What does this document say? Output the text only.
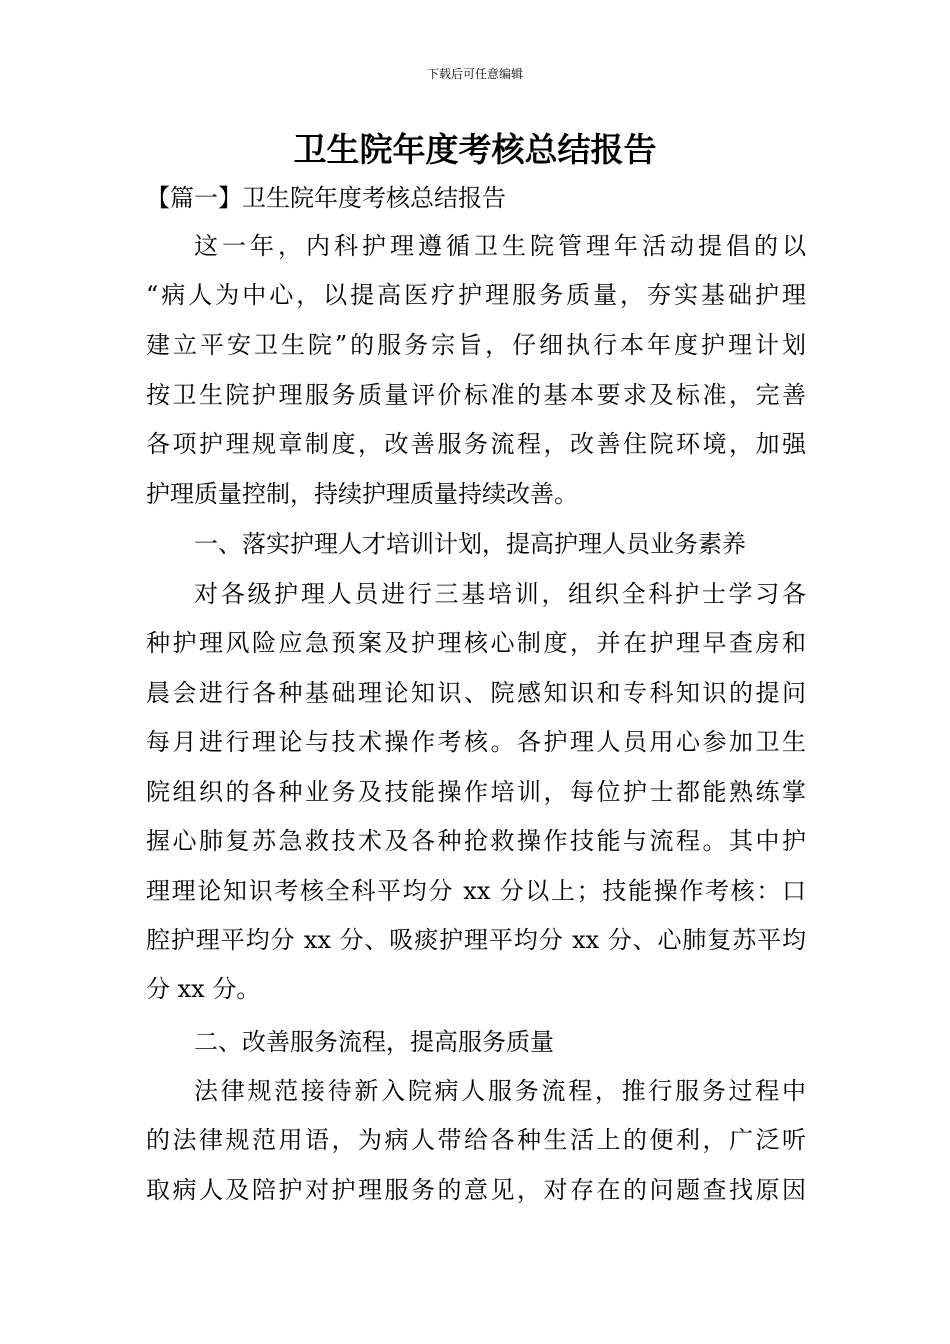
下载后可任意编辑
卫生院年度考核总结报告
【篇一】卫生院年度考核总结报告
这一年，内科护理遵循卫生院管理年活动提倡的以
“病人为中心，以提高医疗护理服务质量，夯实基础护理
建立平安卫生院”的服务宗旨，仔细执行本年度护理计划
按卫生院护理服务质量评价标准的基本要求及标准，完善
各项护理规章制度，改善服务流程，改善住院环境，加强
护理质量控制，持续护理质量持续改善。
一、落实护理人才培训计划，提高护理人员业务素养
对各级护理人员进行三基培训，组织全科护士学习各
种护理风险应急预案及护理核心制度，并在护理早查房和
晨会进行各种基础理论知识、院感知识和专科知识的提问
每月进行理论与技术操作考核。各护理人员用心参加卫生
院组织的各种业务及技能操作培训，每位护士都能熟练掌
握心肺复苏急救技术及各种抢救操作技能与流程。其中护
理理论知识考核全科平均分 xx 分以上；技能操作考核：口
腔护理平均分 xx 分、吸痰护理平均分 xx 分、心肺复苏平均
分 xx 分。
二、改善服务流程，提高服务质量
法律规范接待新入院病人服务流程，推行服务过程中
的法律规范用语，为病人带给各种生活上的便利，广泛听
取病人及陪护对护理服务的意见，对存在的问题查找原因
